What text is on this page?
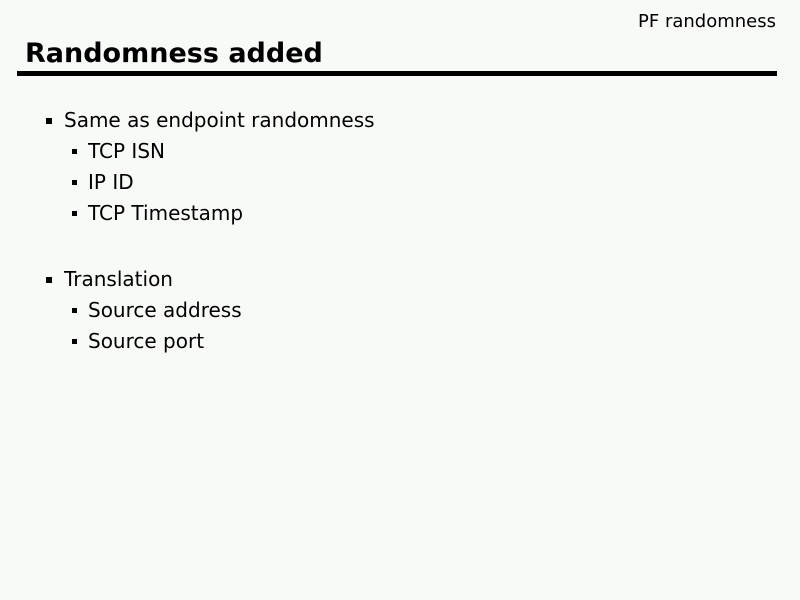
PF randomness
Randomness added
Same as endpoint randomness
TCP ISN
IP ID
TCP Timestamp
Translation
Source address
Source port
